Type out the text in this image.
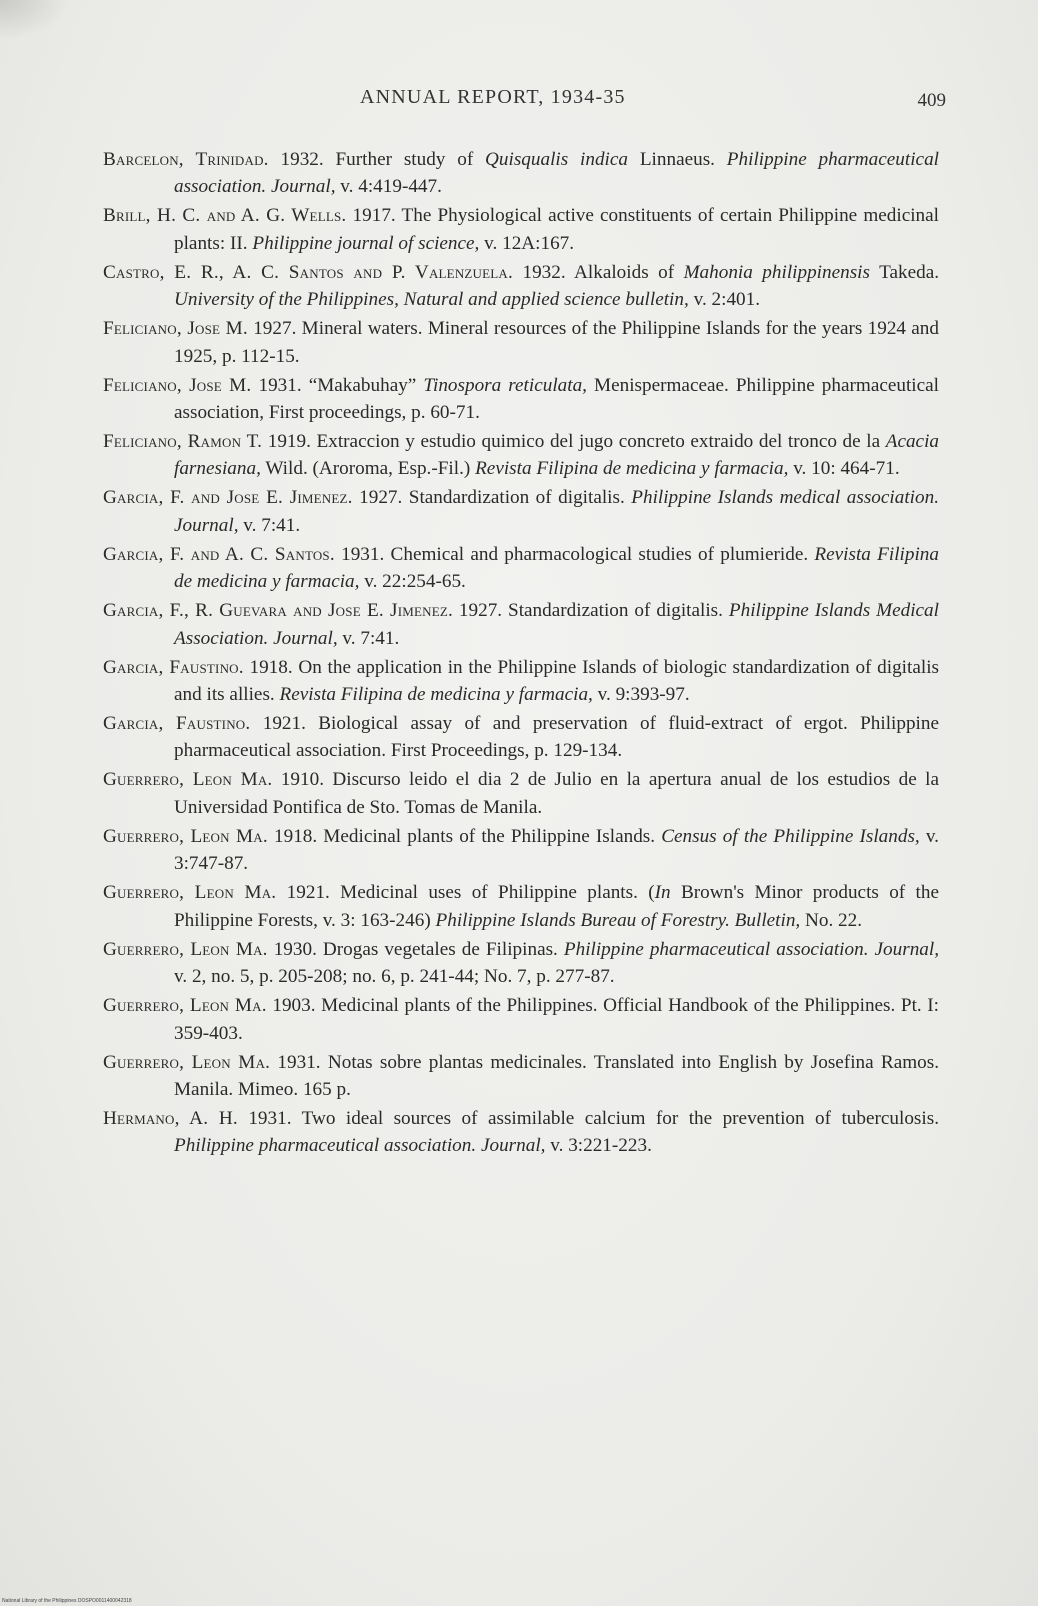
ANNUAL REPORT, 1934-35	409

Barcelon, Trinidad. 1932. Further study of Quisqualis indica Linnaeus. Philippine pharmaceutical association. Journal, v. 4:419-447.

Brill, H. C. and A. G. Wells. 1917. The Physiological active constituents of certain Philippine medicinal plants: II. Philippine journal of science, v. 12A:167.

Castro, E. R., A. C. Santos and P. Valenzuela. 1932. Alkaloids of Mahonia philippinensis Takeda. University of the Philippines, Natural and applied science bulletin, v. 2:401.

Feliciano, Jose M. 1927. Mineral waters. Mineral resources of the Philippine Islands for the years 1924 and 1925, p. 112-15.

Feliciano, Jose M. 1931. “Makabuhay” Tinospora reticulata, Menispermaceae. Philippine pharmaceutical association, First proceedings, p. 60-71.

Feliciano, Ramon T. 1919. Extraccion y estudio quimico del jugo concreto extraido del tronco de la Acacia farnesiana, Wild. (Aroroma, Esp.-Fil.) Revista Filipina de medicina y farmacia, v. 10: 464-71.

Garcia, F. and Jose E. Jimenez. 1927. Standardization of digitalis. Philippine Islands medical association. Journal, v. 7:41.

Garcia, F. and A. C. Santos. 1931. Chemical and pharmacological studies of plumieride. Revista Filipina de medicina y farmacia, v. 22:254-65.

Garcia, F., R. Guevara and Jose E. Jimenez. 1927. Standardization of digitalis. Philippine Islands Medical Association. Journal, v. 7:41.

Garcia, Faustino. 1918. On the application in the Philippine Islands of biologic standardization of digitalis and its allies. Revista Filipina de medicina y farmacia, v. 9:393-97.

Garcia, Faustino. 1921. Biological assay of and preservation of fluid-extract of ergot. Philippine pharmaceutical association. First Proceedings, p. 129-134.

Guerrero, Leon Ma. 1910. Discurso leido el dia 2 de Julio en la apertura anual de los estudios de la Universidad Pontifica de Sto. Tomas de Manila.

Guerrero, Leon Ma. 1918. Medicinal plants of the Philippine Islands. Census of the Philippine Islands, v. 3:747-87.

Guerrero, Leon Ma. 1921. Medicinal uses of Philippine plants. (In Brown's Minor products of the Philippine Forests, v. 3: 163-246) Philippine Islands Bureau of Forestry. Bulletin, No. 22.

Guerrero, Leon Ma. 1930. Drogas vegetales de Filipinas. Philippine pharmaceutical association. Journal, v. 2, no. 5, p. 205-208; no. 6, p. 241-44; No. 7, p. 277-87.

Guerrero, Leon Ma. 1903. Medicinal plants of the Philippines. Official Handbook of the Philippines. Pt. I: 359-403.

Guerrero, Leon Ma. 1931. Notas sobre plantas medicinales. Translated into English by Josefina Ramos. Manila. Mimeo. 165 p.

Hermano, A. H. 1931. Two ideal sources of assimilable calcium for the prevention of tuberculosis. Philippine pharmaceutical association. Journal, v. 3:221-223.

National Library of the Philippines DOSPO0011400042318
